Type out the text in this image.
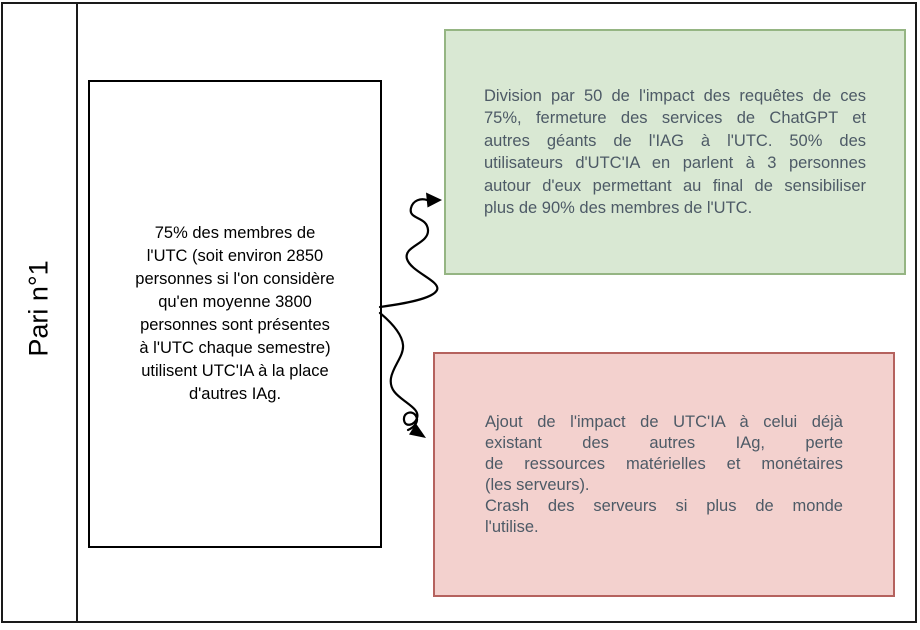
Pari n°1
75% des membres de
l'UTC (soit environ 2850
personnes si l'on considère
qu'en moyenne 3800
personnes sont présentes
à l'UTC chaque semestre)
utilisent UTC'IA à la place
d'autres IAg.
Division par 50 de l'impact des requêtes de ces
75%, fermeture des services de ChatGPT et
autres géants de l'IAG à l'UTC. 50% des
utilisateurs d'UTC'IA en parlent à 3 personnes
autour d'eux permettant au final de sensibiliser
plus de 90% des membres de l'UTC.
Ajout de l'impact de UTC'IA à celui déjà
existant des autres IAg, perte
de ressources matérielles et monétaires
(les serveurs).
Crash des serveurs si plus de monde
l'utilise.
